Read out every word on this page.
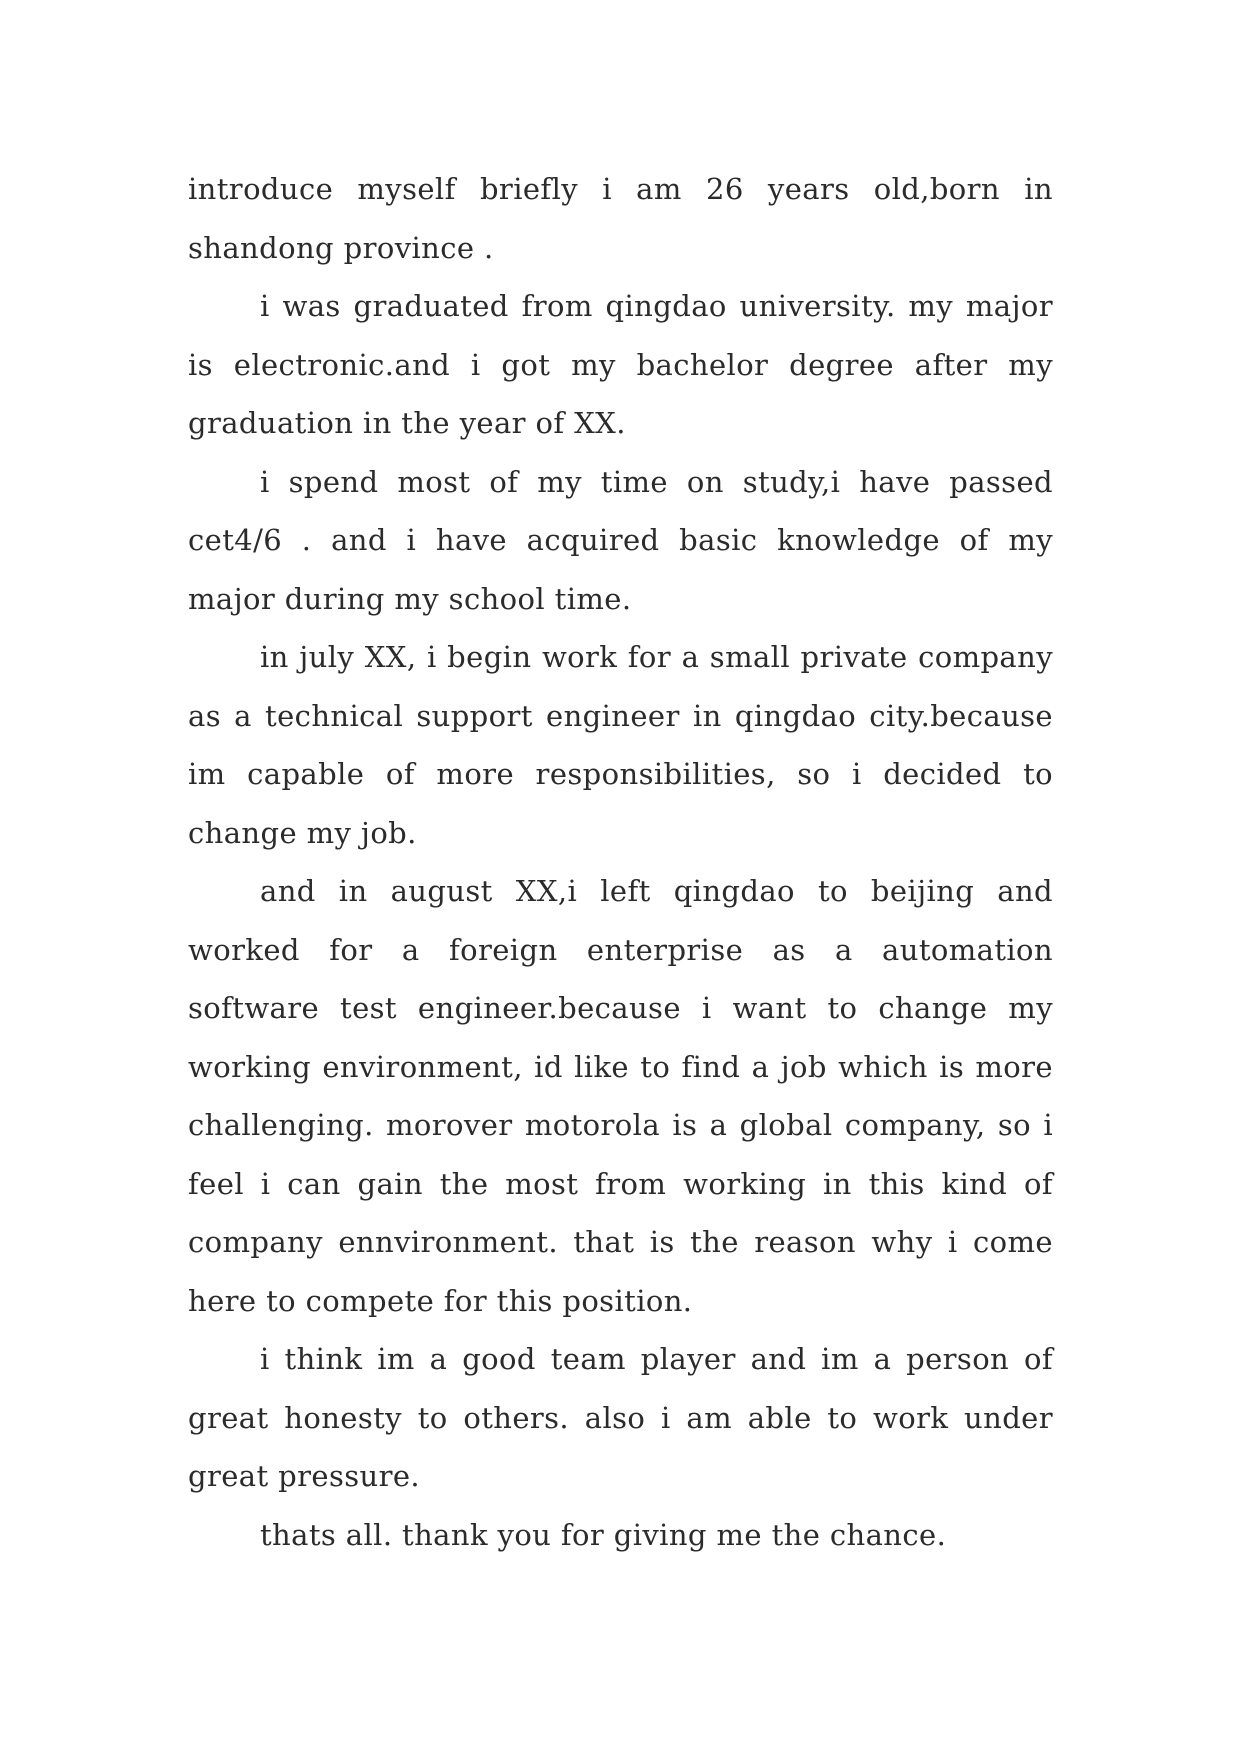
introduce myself briefly i am 26 years old,born in shandong province .

i was graduated from qingdao university. my major is electronic.and i got my bachelor degree after my graduation in the year of XX.

i spend most of my time on study,i have passed cet4/6 . and i have acquired basic knowledge of my major during my school time.

in july XX, i begin work for a small private company as a technical support engineer in qingdao city.because im capable of more responsibilities, so i decided to change my job.

and in august XX,i left qingdao to beijing and worked for a foreign enterprise as a automation software test engineer.because i want to change my working environment, id like to find a job which is more challenging. morover motorola is a global company, so i feel i can gain the most from working in this kind of company ennvironment. that is the reason why i come here to compete for this position.

i think im a good team player and im a person of great honesty to others. also i am able to work under great pressure.

thats all. thank you for giving me the chance.
